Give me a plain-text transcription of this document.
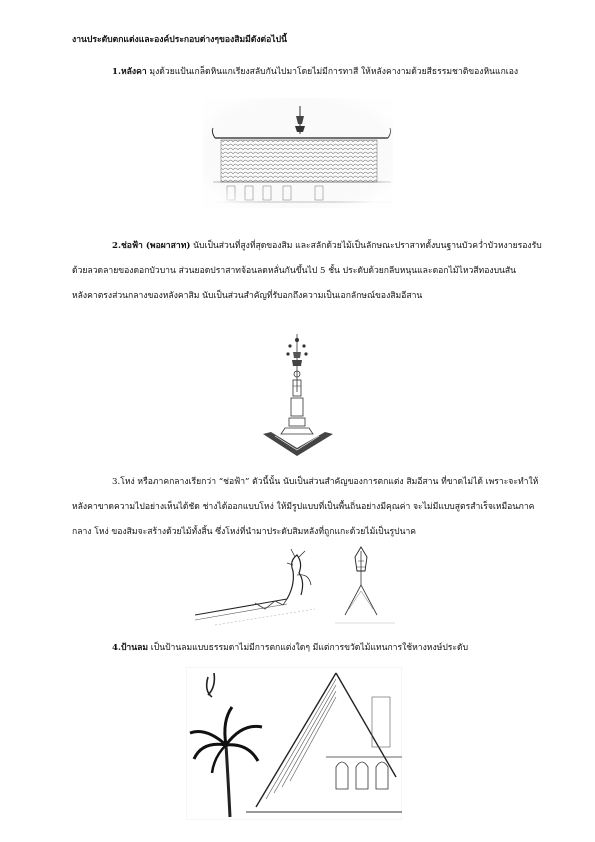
งานประดับตกแต่งและองค์ประกอบต่างๆของสิมมีดังต่อไปนี้
1.หลังคา มุงด้วยแป้นเกล็ดหินแกเรียงสลับกันไปมาโดยไม่มีการทาสี ให้หลังคางามด้วยสีธรรมชาติของหินแกเอง
2.ช่อฟ้า (พอผาสาท) นับเป็นส่วนที่สูงที่สุดของสิม และสลักด้วยไม้เป็นลักษณะปราสาทตั้งบนฐานบัวคว่ำบัวหงายรองรับ
ด้วยลวดลายของดอกบัวบาน ส่วนยอดปราสาทจ้อนลดหลั่นกันขึ้นไป 5 ชั้น ประดับด้วยกลีบหนุนและดอกไม้ไหวสีทองบนสัน
หลังคาตรงส่วนกลางของหลังคาสิม นับเป็นส่วนสำคัญที่รับอกถึงความเป็นเอกลักษณ์ของสิมอีสาน
3.โหง่ หรือภาคกลางเรียกว่า “ช่อฟ้า” ตัวนี้นั้น นับเป็นส่วนสำคัญของการตกแต่ง สิมอีสาน ที่ขาดไม่ได้ เพราะจะทำให้
หลังคาขาดความไปอย่างเห็นได้ชัด ช่างได้ออกแบบโหง่ ให้มีรูปแบบที่เป็นพื้นถิ่นอย่างมีคุณค่า จะไม่มีแบบสูตรสำเร็จเหมือนภาค
กลาง โหง่ ของสิมจะสร้างด้วยไม้ทั้งสิ้น ซึ่งโหง่ที่นำมาประดับสิมหลังที่ถูกแกะด้วยไม้เป็นรูปนาค
4.ป้านลม เป็นป้านลมแบบธรรมดาไม่มีการตกแต่งใดๆ มีแต่การขวัดไม้แทนการใช้หางหงษ์ประดับ
